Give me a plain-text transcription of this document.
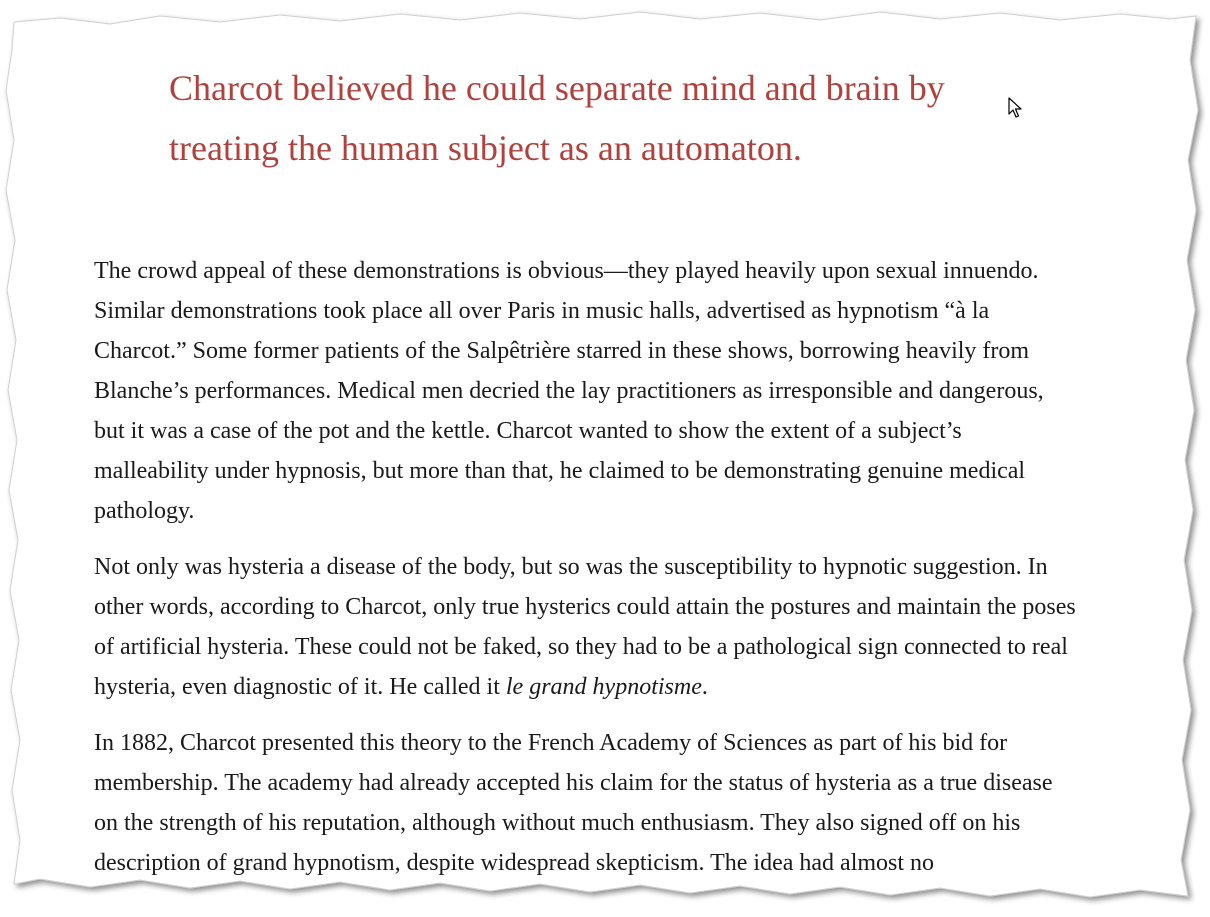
Charcot believed he could separate mind and brain by treating the human subject as an automaton.

The crowd appeal of these demonstrations is obvious—they played heavily upon sexual innuendo. Similar demonstrations took place all over Paris in music halls, advertised as hypnotism “à la Charcot.” Some former patients of the Salpêtrière starred in these shows, borrowing heavily from Blanche’s performances. Medical men decried the lay practitioners as irresponsible and dangerous, but it was a case of the pot and the kettle. Charcot wanted to show the extent of a subject’s malleability under hypnosis, but more than that, he claimed to be demonstrating genuine medical pathology.

Not only was hysteria a disease of the body, but so was the susceptibility to hypnotic suggestion. In other words, according to Charcot, only true hysterics could attain the postures and maintain the poses of artificial hysteria. These could not be faked, so they had to be a pathological sign connected to real hysteria, even diagnostic of it. He called it le grand hypnotisme.

In 1882, Charcot presented this theory to the French Academy of Sciences as part of his bid for membership. The academy had already accepted his claim for the status of hysteria as a true disease on the strength of his reputation, although without much enthusiasm. They also signed off on his description of grand hypnotism, despite widespread skepticism. The idea had almost no
